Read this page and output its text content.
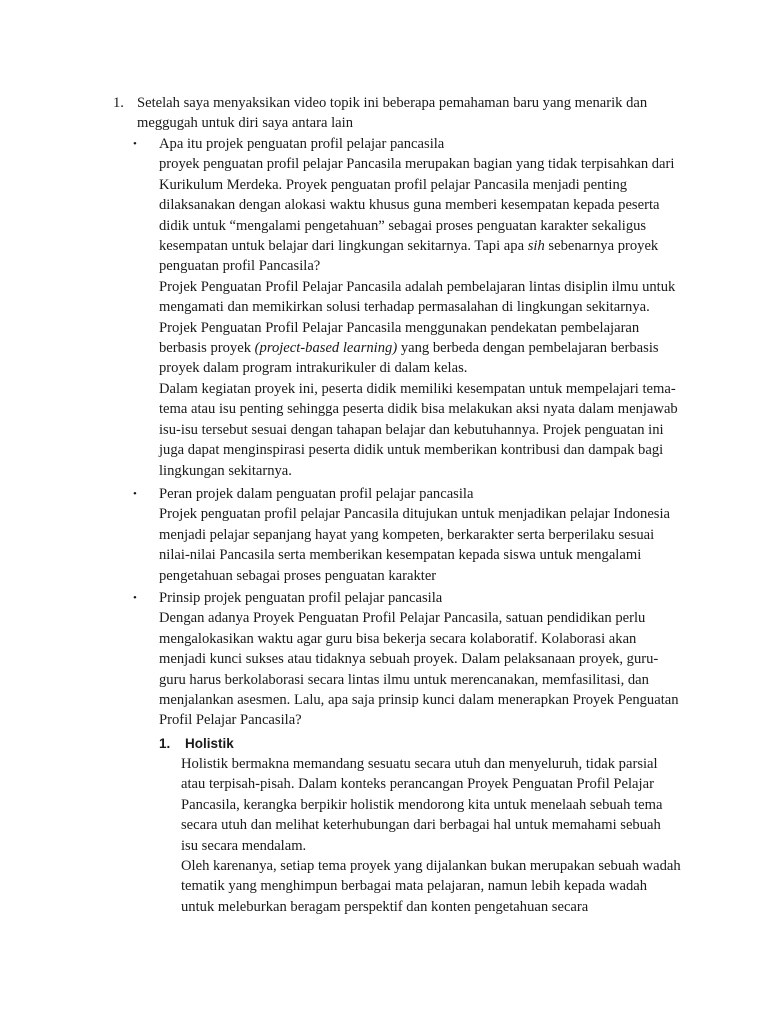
1. Setelah saya menyaksikan video topik ini beberapa pemahaman baru yang menarik dan meggugah untuk diri saya antara lain
• Apa itu projek penguatan profil pelajar pancasila

proyek penguatan profil pelajar Pancasila merupakan bagian yang tidak terpisahkan dari Kurikulum Merdeka. Proyek penguatan profil pelajar Pancasila menjadi penting dilaksanakan dengan alokasi waktu khusus guna memberi kesempatan kepada peserta didik untuk “mengalami pengetahuan” sebagai proses penguatan karakter sekaligus kesempatan untuk belajar dari lingkungan sekitarnya. Tapi apa sih sebenarnya proyek penguatan profil Pancasila?

Projek Penguatan Profil Pelajar Pancasila adalah pembelajaran lintas disiplin ilmu untuk mengamati dan memikirkan solusi terhadap permasalahan di lingkungan sekitarnya. Projek Penguatan Profil Pelajar Pancasila menggunakan pendekatan pembelajaran berbasis proyek (project-based learning) yang berbeda dengan pembelajaran berbasis proyek dalam program intrakurikuler di dalam kelas.

Dalam kegiatan proyek ini, peserta didik memiliki kesempatan untuk mempelajari tema-tema atau isu penting sehingga peserta didik bisa melakukan aksi nyata dalam menjawab isu-isu tersebut sesuai dengan tahapan belajar dan kebutuhannya. Projek penguatan ini juga dapat menginspirasi peserta didik untuk memberikan kontribusi dan dampak bagi lingkungan sekitarnya.

• Peran projek dalam penguatan profil pelajar pancasila

Projek penguatan profil pelajar Pancasila ditujukan untuk menjadikan pelajar Indonesia menjadi pelajar sepanjang hayat yang kompeten, berkarakter serta berperilaku sesuai nilai-nilai Pancasila serta memberikan kesempatan kepada siswa untuk mengalami pengetahuan sebagai proses penguatan karakter

• Prinsip projek penguatan profil pelajar pancasila

Dengan adanya Proyek Penguatan Profil Pelajar Pancasila, satuan pendidikan perlu mengalokasikan waktu agar guru bisa bekerja secara kolaboratif. Kolaborasi akan menjadi kunci sukses atau tidaknya sebuah proyek. Dalam pelaksanaan proyek, guru-guru harus berkolaborasi secara lintas ilmu untuk merencanakan, memfasilitasi, dan menjalankan asesmen. Lalu, apa saja prinsip kunci dalam menerapkan Proyek Penguatan Profil Pelajar Pancasila?

1. Holistik

Holistik bermakna memandang sesuatu secara utuh dan menyeluruh, tidak parsial atau terpisah-pisah. Dalam konteks perancangan Proyek Penguatan Profil Pelajar Pancasila, kerangka berpikir holistik mendorong kita untuk menelaah sebuah tema secara utuh dan melihat keterhubungan dari berbagai hal untuk memahami sebuah isu secara mendalam.

Oleh karenanya, setiap tema proyek yang dijalankan bukan merupakan sebuah wadah tematik yang menghimpun berbagai mata pelajaran, namun lebih kepada wadah untuk meleburkan beragam perspektif dan konten pengetahuan secara
